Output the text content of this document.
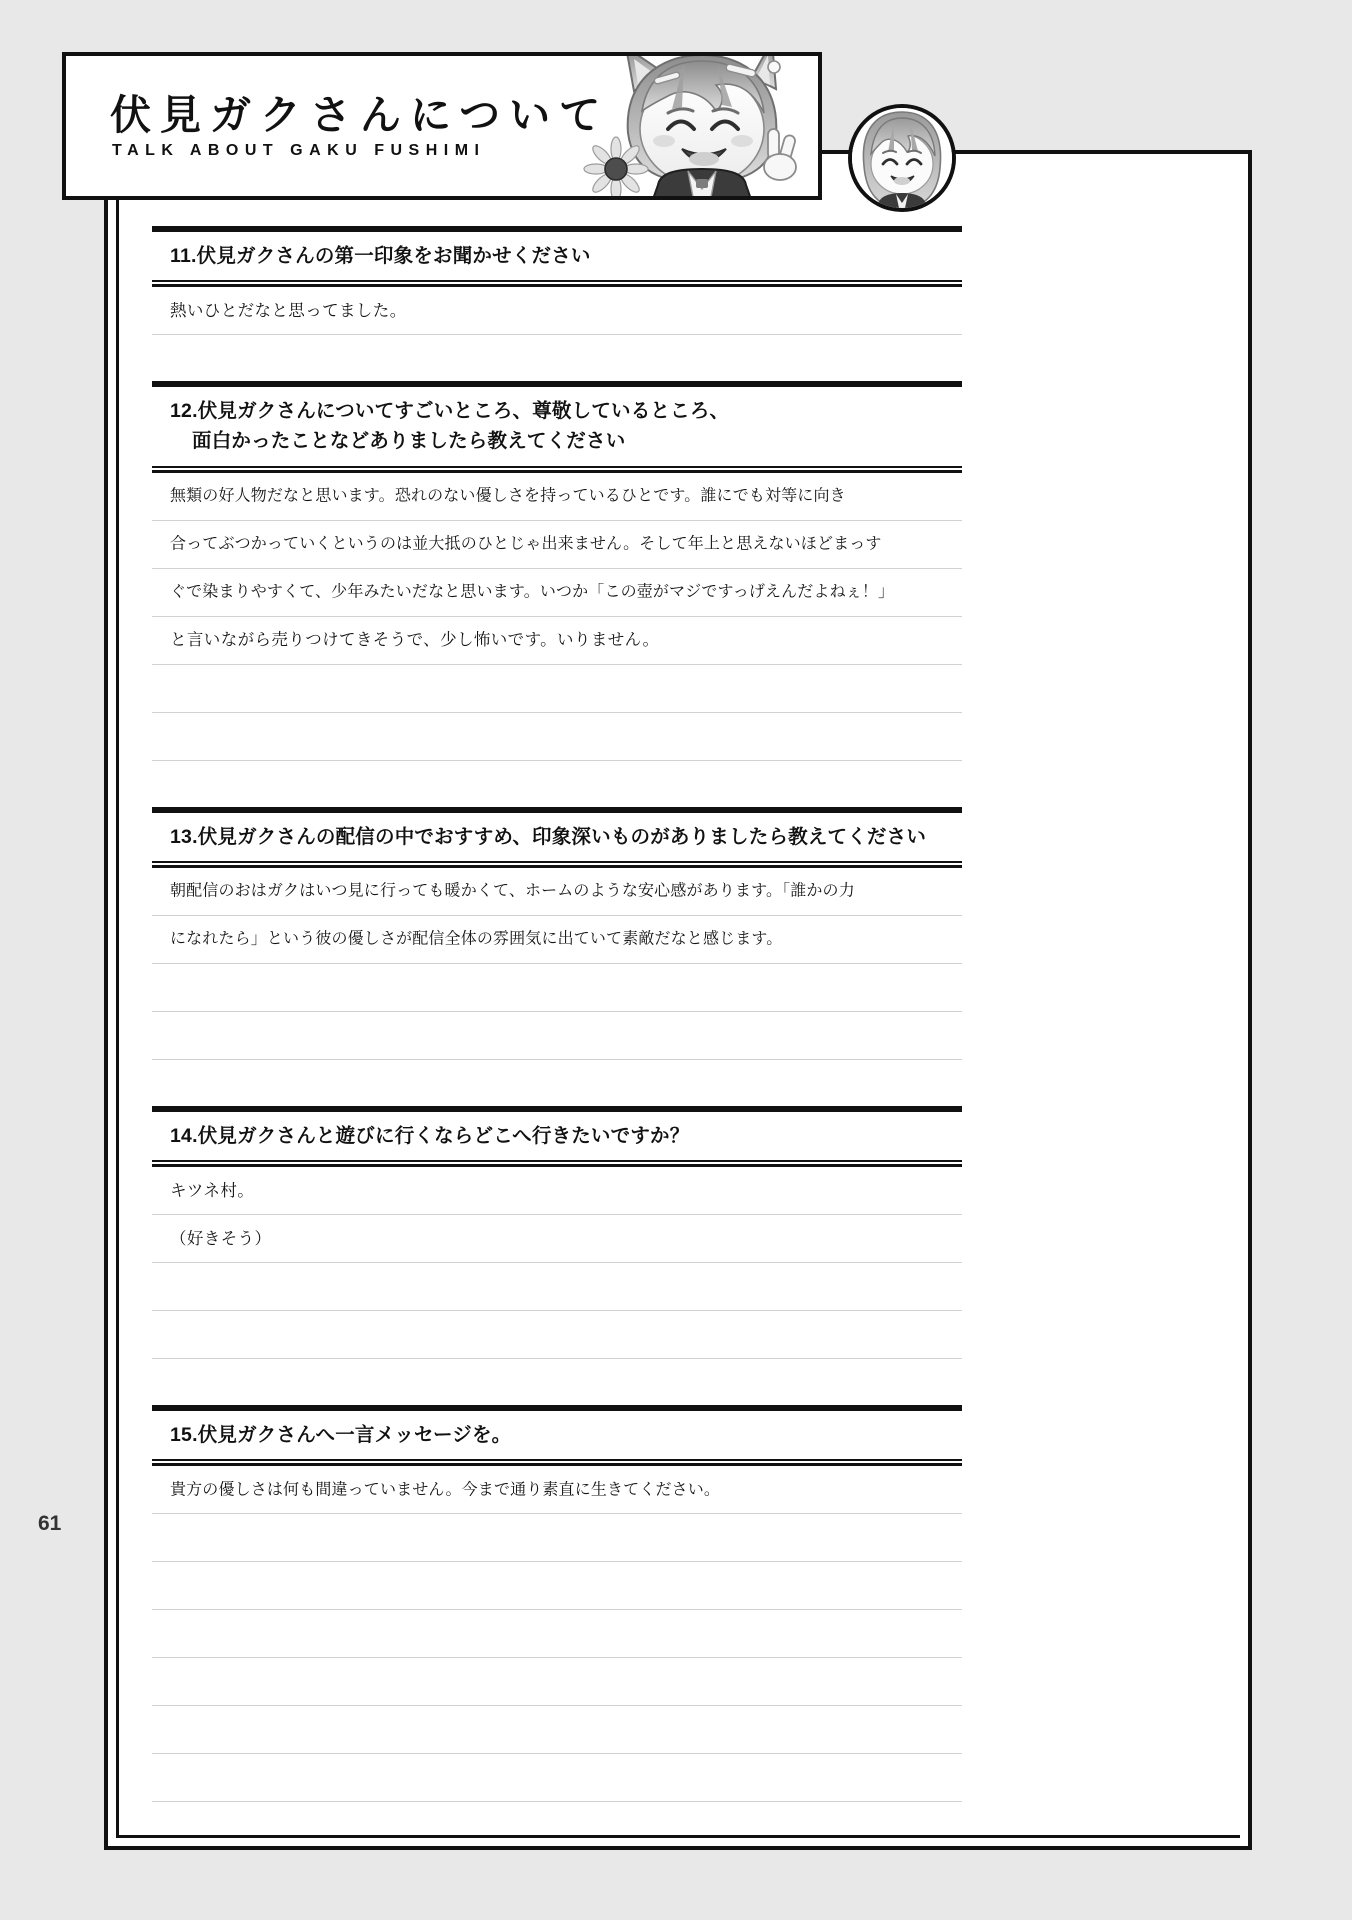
伏見ガクさんについて
TALK ABOUT GAKU FUSHIMI
11.伏見ガクさんの第一印象をお聞かせください
熱いひとだなと思ってました。
12.伏見ガクさんについてすごいところ、尊敬しているところ、
面白かったことなどありましたら教えてください
無類の好人物だなと思います。恐れのない優しさを持っているひとです。誰にでも対等に向き
合ってぶつかっていくというのは並大抵のひとじゃ出来ません。そして年上と思えないほどまっす
ぐで染まりやすくて、少年みたいだなと思います。いつか「この壺がマジですっげえんだよねぇ！」
と言いながら売りつけてきそうで、少し怖いです。いりません。
13.伏見ガクさんの配信の中でおすすめ、印象深いものがありましたら教えてください
朝配信のおはガクはいつ見に行っても暖かくて、ホームのような安心感があります。「誰かの力
になれたら」という彼の優しさが配信全体の雰囲気に出ていて素敵だなと感じます。
14.伏見ガクさんと遊びに行くならどこへ行きたいですか？
キツネ村。
（好きそう）
15.伏見ガクさんへ一言メッセージを。
貴方の優しさは何も間違っていません。今まで通り素直に生きてください。
61
